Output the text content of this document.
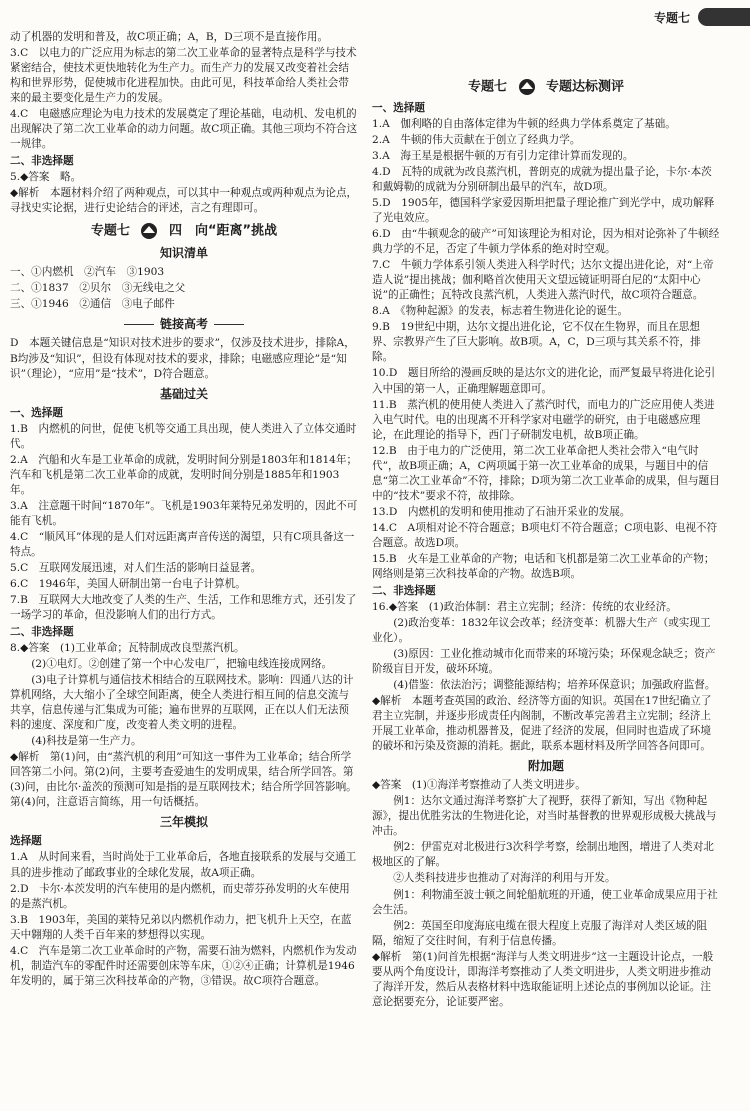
专题七

动了机器的发明和普及，故C项正确；A，B，D三项不是直接作用。

3.C　以电力的广泛应用为标志的第二次工业革命的显著特点是科学与技术紧密结合，使技术更快地转化为生产力。而生产力的发展又改变着社会结构和世界形势，促使城市化进程加快。由此可见，科技革命给人类社会带来的最主要变化是生产力的发展。

4.C　电磁感应理论为电力技术的发展奠定了理论基础，电动机、发电机的出现解决了第二次工业革命的动力问题。故C项正确。其他三项均不符合这一规律。

二、非选择题

5.◆答案　略。

◆解析　本题材料介绍了两种观点，可以其中一种观点或两种观点为论点，寻找史实论据，进行史论结合的评述，言之有理即可。

专题七	四　向“距离”挑战
知识清单

一、①内燃机　②汽车　③1903

二、①1837　②贝尔　③无线电之父

三、①1946　②通信　③电子邮件

链接高考

D　本题关键信息是“知识对技术进步的要求”，仅涉及技术进步，排除A，B均涉及“知识”，但设有体现对技术的要求，排除；电磁感应理论”是“知识”（理论），“应用”是“技术”，D符合题意。

基础过关
一、选择题

1.B　内燃机的问世，促使飞机等交通工具出现，使人类进入了立体交通时代。

2.A　汽船和火车是工业革命的成就，发明时间分别是1803年和1814年；汽车和飞机是第二次工业革命的成就，发明时间分别是1885年和1903年。

3.A　注意题干时间“1870年”。飞机是1903年莱特兄弟发明的，因此不可能有飞机。

4.C　“顺风耳”体现的是人们对远距离声音传送的渴望，只有C项具备这一特点。

5.C　互联网发展迅速，对人们生活的影响日益显著。

6.C　1946年，美国人研制出第一台电子计算机。

7.B　互联网大大地改变了人类的生产、生活，工作和思维方式，还引发了一场学习的革命，但没影响人们的出行方式。

二、非选择题

8.◆答案　(1)工业革命；瓦特制成改良型蒸汽机。

(2)①电灯。②创建了第一个中心发电厂，把输电线连接成网络。

(3)电子计算机与通信技术相结合的互联网技术。影响：四通八达的计算机网络，大大缩小了全球空间距离，使全人类进行相互间的信息交流与共享，信息传递与汇集成为可能；遍布世界的互联网，正在以人们无法预料的速度、深度和广度，改变着人类文明的进程。

(4)科技是第一生产力。

◆解析　第(1)问，由“蒸汽机的利用”可知这一事件为工业革命；结合所学回答第二小问。第(2)问，主要考查爱迪生的发明成果，结合所学回答。第(3)问，由比尔·盖茨的预测可知是指的是互联网技术；结合所学回答影响。第(4)问，注意语言简练，用一句话概括。

三年模拟
选择题

1.A　从时间来看，当时尚处于工业革命后，各地直接联系的发展与交通工具的进步推动了邮政事业的全球化发展，故A项正确。

2.D　卡尔·本茨发明的汽车使用的是内燃机，而史蒂芬孙发明的火车使用的是蒸汽机。

3.B　1903年，美国的莱特兄弟以内燃机作动力，把飞机升上天空，在蓝天中翱翔的人类千百年来的梦想得以实现。

4.C　汽车是第二次工业革命时的产物，需要石油为燃料，内燃机作为发动机，制造汽车的零配件时还需要创床等车床，①②④正确；计算机是1946年发明的，属于第三次科技革命的产物，③错误。故C项符合题意。

专题七	专题达标测评
一、选择题

1.A　伽利略的自由落体定律为牛顿的经典力学体系奠定了基础。

2.A　牛顿的伟大贡献在于创立了经典力学。

3.A　海王星是根据牛顿的万有引力定律计算而发现的。

4.D　瓦特的成就为改良蒸汽机，普朗克的成就为提出量子论，卡尔·本茨和戴姆勒的成就为分别研制出最早的汽车，故D项。

5.D　1905年，德国科学家爱因斯坦把量子理论推广到光学中，成功解释了光电效应。

6.D　由“牛顿观念的破产”可知该理论为相对论，因为相对论弥补了牛顿经典力学的不足，否定了牛顿力学体系的绝对时空观。

7.C　牛顿力学体系引领人类进入科学时代；达尔文提出进化论，对“上帝造人说”提出挑战；伽利略首次使用天文望远镜证明哥白尼的“太阳中心说”的正确性；瓦特改良蒸汽机，人类进入蒸汽时代，故C项符合题意。

8.A　《物种起源》的发表，标志着生物进化论的诞生。

9.B　19世纪中期，达尔文提出进化论，它不仅在生物界，而且在思想界、宗教界产生了巨大影响。故B项。A，C，D三项与其关系不符，排除。

10.D　题目所给的漫画反映的是达尔文的进化论，而严复最早将进化论引入中国的第一人，正确理解题意即可。

11.B　蒸汽机的使用使人类进入了蒸汽时代，而电力的广泛应用使人类进入电气时代。电的出现离不开科学家对电磁学的研究，由于电磁感应理论，在此理论的指导下，西门子研制发电机，故B项正确。

12.B　由于电力的广泛使用，第二次工业革命把人类社会带入“电气时代”，故B项正确；A，C两项属于第一次工业革命的成果，与题目中的信息“第二次工业革命”不符，排除；D项为第二次工业革命的成果，但与题目中的“技术”要求不符，故排除。

13.D　内燃机的发明和使用推动了石油开采业的发展。

14.C　A项相对论不符合题意；B项电灯不符合题意；C项电影、电视不符合题意。故选D项。

15.B　火车是工业革命的产物；电话和飞机都是第二次工业革命的产物；网络则是第三次科技革命的产物。故选B项。

二、非选择题

16.◆答案　(1)政治体制：君主立宪制；经济：传统的农业经济。

(2)政治变革：1832年议会改革；经济变革：机器大生产（或实现工业化）。

(3)原因：工业化推动城市化而带来的环境污染；环保观念缺乏；资产阶级盲目开发，破坏环境。

(4)借鉴：依法治污；调整能源结构；培养环保意识；加强政府监督。

◆解析　本题考查英国的政治、经济等方面的知识。英国在17世纪确立了君主立宪制，并逐步形成责任内阁制，不断改革完善君主立宪制；经济上开展工业革命，推动机器普及，促进了经济的发展，但同时也造成了环境的破坏和污染及资源的消耗。据此，联系本题材料及所学回答各问即可。

附加题

◆答案　(1)①海洋考察推动了人类文明进步。

例1：达尔文通过海洋考察扩大了视野，获得了新知，写出《物种起源》，提出优胜劣汰的生物进化论，对当时基督教的世界观形成极大挑战与冲击。

例2：伊雷克对北极进行3次科学考察，绘制出地图，增进了人类对北极地区的了解。

②人类科技进步也推动了对海洋的利用与开发。

例1：利物浦至波士顿之间轮船航班的开通，使工业革命成果应用于社会生活。

例2：英国至印度海底电缆在很大程度上克服了海洋对人类区域的阻隔，缩短了交往时间，有利于信息传播。

◆解析　第(1)问首先根据“海洋与人类文明进步”这一主题设计论点，一般要从两个角度设计，即海洋考察推动了人类文明进步，人类文明进步推动了海洋开发，然后从表格材料中选取能证明上述论点的事例加以论证。注意论据要充分，论证要严密。
